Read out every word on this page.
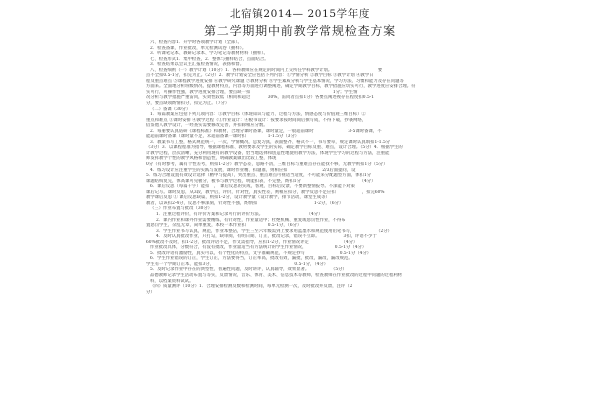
北宿镇2014— 2015学年度
第二学期期中前教学常规检查方案
六、检查内容1．开学时各项教学计划（全部）。
2．检查备课，作业批改，单元检测试卷（抽样）。
3．听课笔记本、教研记录本、学习笔记等教材材料（抽样）。
七、检查形式1．集中检查，2．整体与抽样结合，点面结合。
3．检查结果以会议主汇报检查情况，表扬和督。
八、检查细则（一）教学计划（10分）1．各科教师应在规定的时间内上交所任学科教学计划。　　　　　　　　　　　要
点不全扣0.5-1分，扣完为止。（2分）2．教学计划安全应包括下列内容：①学情分析 ②教学目标 ③教学计划 ④教学日
程及重点难点 ⑤课程教学进度安排 ⑥教学研究课题 ⑦教材分析 ⑧学生素质分析与学生基本情况，学习方法、习惯和能力及存在问题等
方面来。全面地分析班级情况，提教材特点，内容等方面进行调整阐述，确定学期教学目标，教学措施应切实可行，教学进度应安排合理。符
实可行，可操作性强，教学进度安排合理，要点缺一扣　　　　　　　　　　　　　　　　　　　1分；学生情
况分析与教学措施严重雷同，实效性较低（相同和超过　　　　30%，雷同者点扣1分）各要点阐述视存在程度扣0.5-1
分，要点缺项酌情扣分，扣完为止。（7分）
（二）备课（30分）
1．每篇教案应包括下列几项内容：①教学目标（体现知识与能力、过程与方法，情感态度与价值观三维目标）②
重点和难点 ③课时安排 ④教学过程（①作业设计：④板书设计：按要求按时间间后撰写成，不得下载，抄袭网络，
借鉴他人教学设计，一经查实需要修改完善，并扣除相应分数。
2．每册要认真钻研《课程标准》和教材，合理分课时备课，课时量足，一般超前课时　　　　　　　　3-5课时备课，不
能超前课时备课（课时量不足，未超前备课一课时扣　　　　　1-1.5分（3分）
3．教案书写工整，格式规范统一，一次、学情概况，总复习真，表面整齐、格式不一，书写要草，规定课时认真填扣1-1.5分
（3分）3．以课程程准为指导，根据课程标准、教材要求及学生的实际，确定教学目标及重、难点，设计合理。（5分）4．根据学生的
计教学过程，层次清晰，充分利用现有的教学设备，恰当地选择和创造性地使用教学方法，体现学生学习的过程与方法，注重能
师发挥教学个性的教学风格和创造性，明确教案做出比较工整，体现
0分（有时参考，属有个性差考，则扣1-2分）教学态差，思路不清，三维目标与重难点存在能找不够，无教学则扣1分（5分）
4．练习设计应注重学生的实践与发展，课时作业精、扣题准，则相应扣　　　　　　　　2/3后面提问，设
5．练习合理设置有效设计选择（精中与提高），突出重点、重点难点可视适当适度，不可能来分配题型方面，体扣1分
课题结构复完，体高课可见板分，板书与教学过程，明能扣表，不完整，酌扣1分　　　　　　　　　　　　　　（4分）
6．课后反思（每篇千字）能扣　，　课后反思的实成，客观、目标后反馈、不要新整情报导。不深能下对策
课后记写。课时反思，从3段，教学后，评价，针对性，真实性差，则相应扣分，教学反思不足应扣　　　　　　，扣完60%
教学课后反思 ① 课后反思缺篇，则扣1-2分，设计教学量（设计教学，排节活动，课堂生成等）
教者，以该扣2-4分，反思不够深刻，针对性不强，酌情扣　　　　　　　　　　　　　1-2分，（6分）
（三）作业布置与批改（30分）
1．注重过程评价，有评价方案和记录可行的评价方法。　　　　　　　　　　　（4分）
2．课内作业和课外作业需要精练，有针对性，作业量适中；杜绝机械、重复或惩罚性作业，不得布
置惩罚学生，杂乱无章，简单重复，本校一本作业扣　　　　　0.5-1分，（6分）
3．学生作业书写认真，规范，作业本整洁，学生三至六年级需到上要求用蓝墨水和规范使用铅笔书写，　　　　　　（2分）
4．及时认真批改作业，只打勾，缺审阅，有明日期、订正，批改记录，错误不立即。　　　　　　3扣，评语不少于
60%批改不及时，扣1-2分，批改评语不足，作文需指导，应扣1-2分，作业情况评定　　　　　　　　（4分）
作业批改具体，分数符合，有没有批改，作业量适当有方法统计的学生作业情况，　　　　　　　0.5-1分（4分）
5．批改评语有激励性，真实可以，有个性化的特点，文字准确规范，不规定抄写　　　　　　　　0.5-1分（4分）
6．学生作业错误的订正，学生订正，方法要得当，订正率高，批改有效，漏批，批改，漏改，漏改规范。
学生有一个学期订正本，能扣3分，　　　　　　　　　　　　　　　　　　　0.5-1分，（4分）
5．及时记录作业中存在的典型性、普遍性问题，及时讲评，认真辅导，效果显著。　　　　　　（5分）
品德教师记录学生活动布置与等实，反馈情况，音乐、体育、美术、信息技术等教师，检查教师在作业批改的过程中问题的过程利材
料，以档案资料试试。
（四）质量测评（10分）1．合理安排检测及数和检测时间，每单元检测一次，及时批改并反馈，注评（2
分）
